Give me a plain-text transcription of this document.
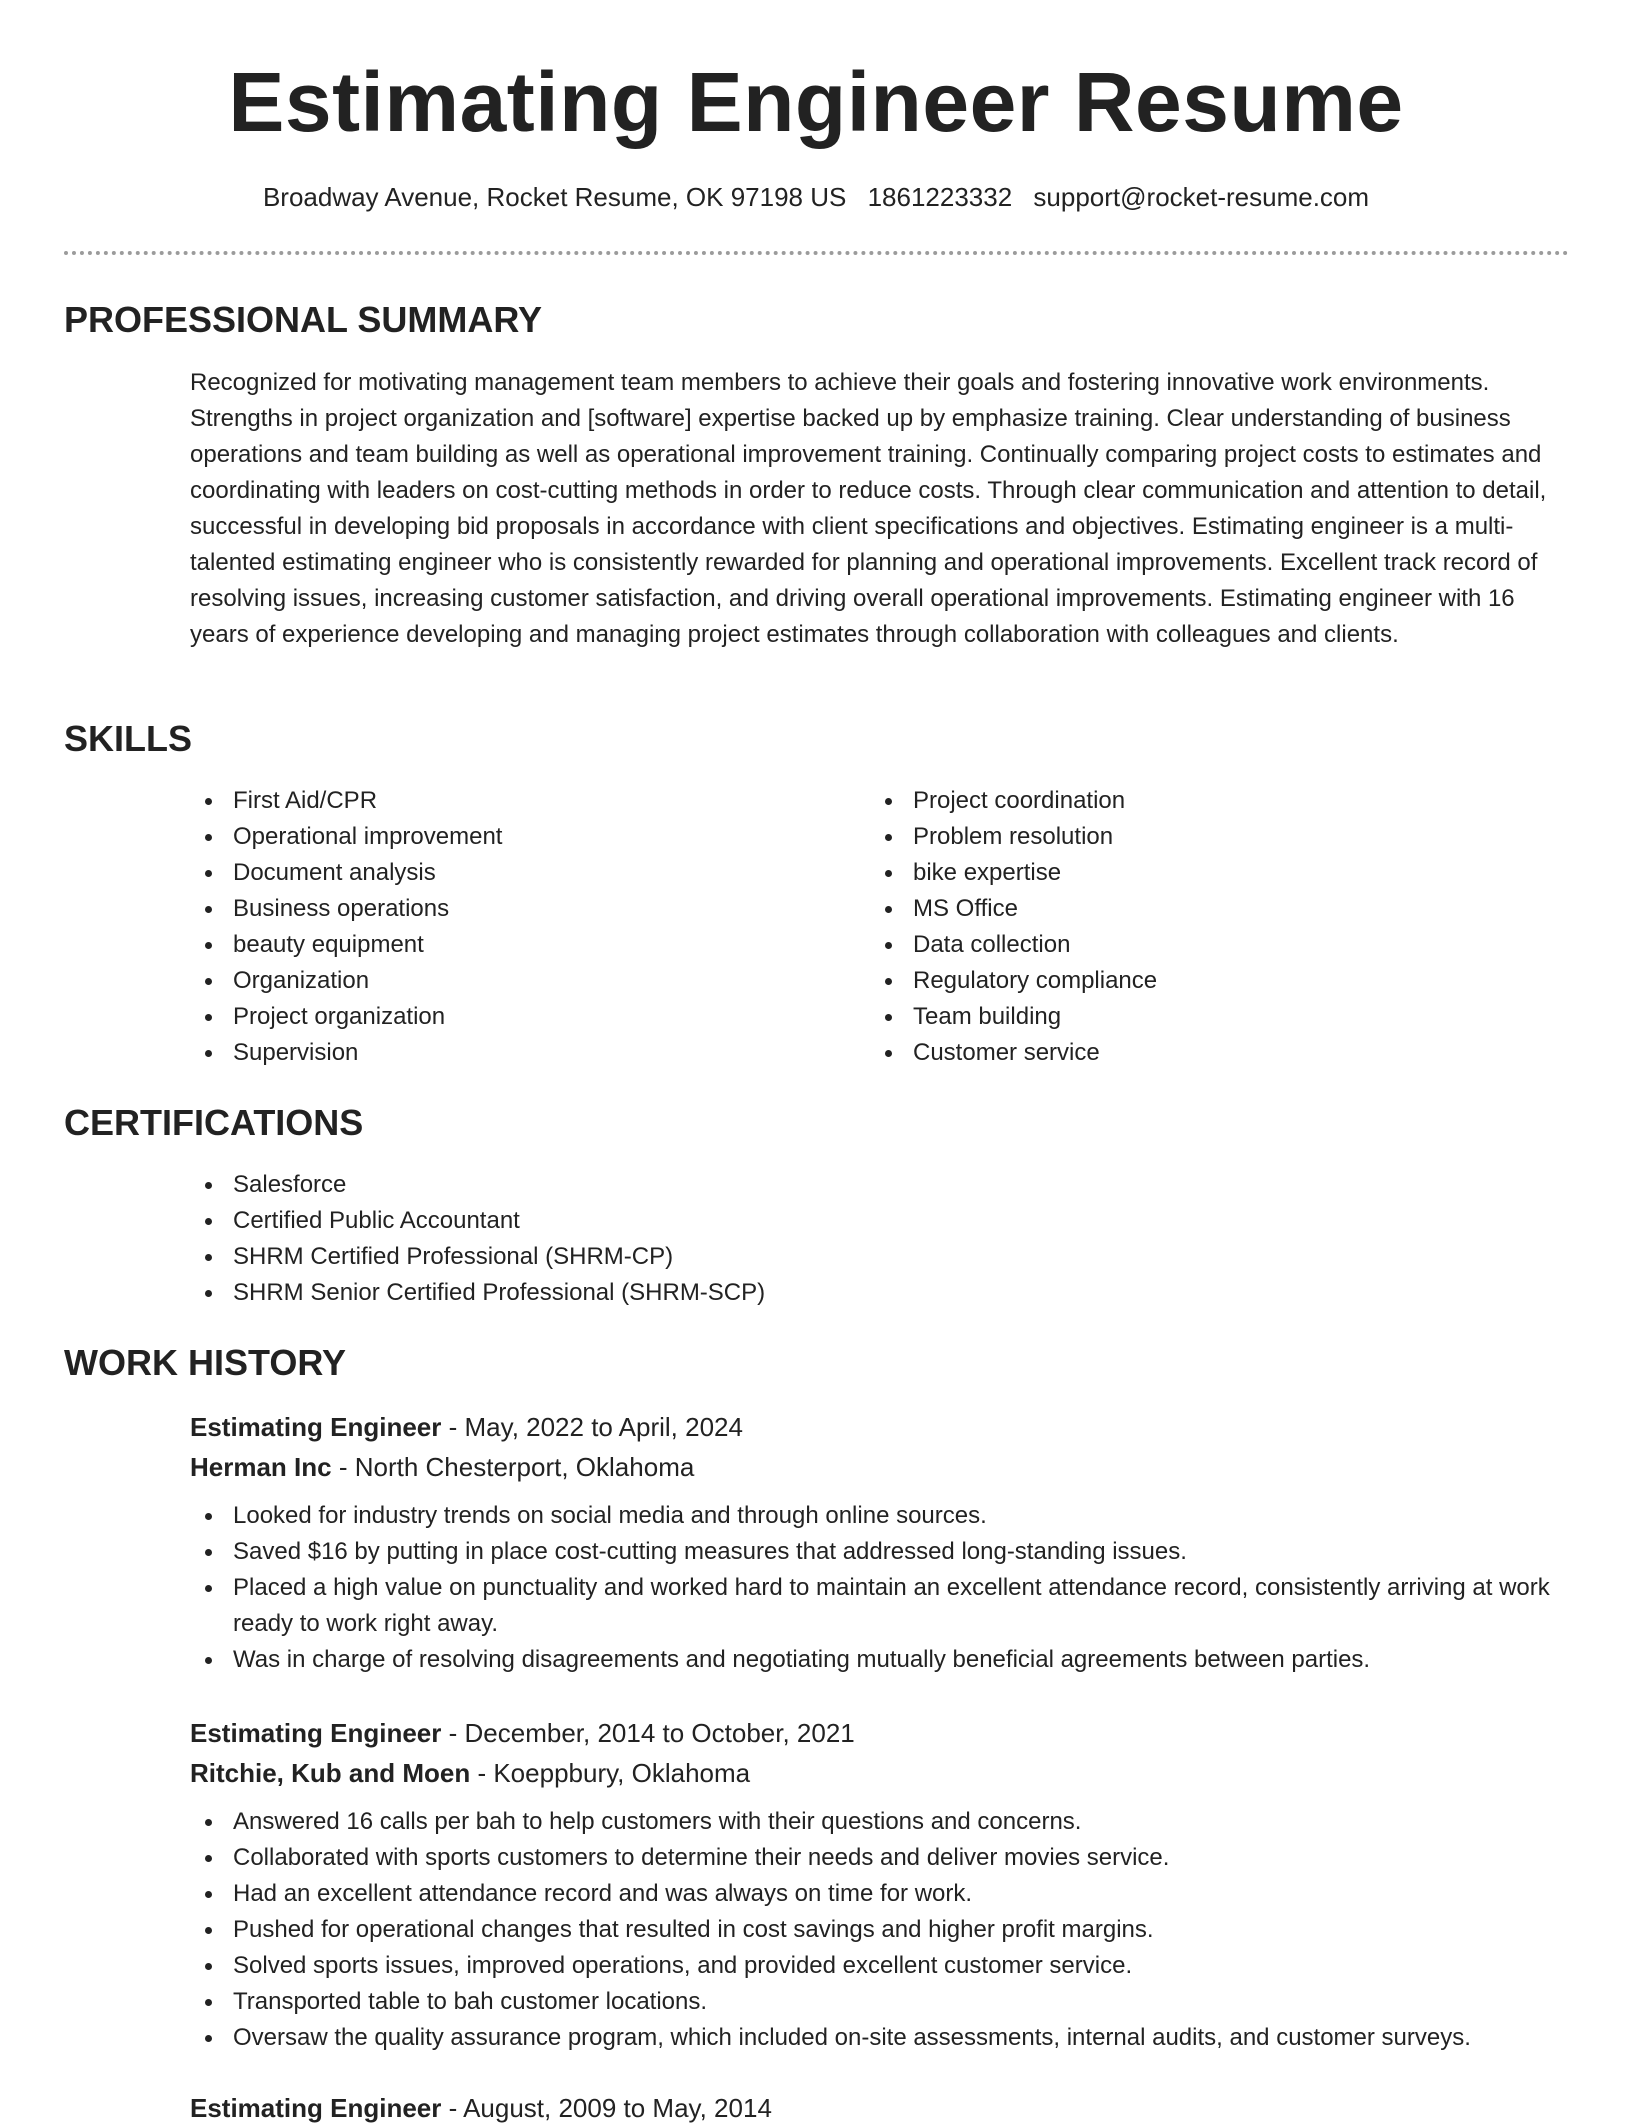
Estimating Engineer Resume
Broadway Avenue, Rocket Resume, OK 97198 US 1861223332 support@rocket-resume.com
PROFESSIONAL SUMMARY
Recognized for motivating management team members to achieve their goals and fostering innovative work environments. Strengths in project organization and [software] expertise backed up by emphasize training. Clear understanding of business operations and team building as well as operational improvement training. Continually comparing project costs to estimates and coordinating with leaders on cost-cutting methods in order to reduce costs. Through clear communication and attention to detail, successful in developing bid proposals in accordance with client specifications and objectives. Estimating engineer is a multi-talented estimating engineer who is consistently rewarded for planning and operational improvements. Excellent track record of resolving issues, increasing customer satisfaction, and driving overall operational improvements. Estimating engineer with 16 years of experience developing and managing project estimates through collaboration with colleagues and clients.
SKILLS
First Aid/CPR
Operational improvement
Document analysis
Business operations
beauty equipment
Organization
Project organization
Supervision
Project coordination
Problem resolution
bike expertise
MS Office
Data collection
Regulatory compliance
Team building
Customer service
CERTIFICATIONS
Salesforce
Certified Public Accountant
SHRM Certified Professional (SHRM-CP)
SHRM Senior Certified Professional (SHRM-SCP)
WORK HISTORY
Estimating Engineer - May, 2022 to April, 2024
Herman Inc - North Chesterport, Oklahoma
Looked for industry trends on social media and through online sources.
Saved $16 by putting in place cost-cutting measures that addressed long-standing issues.
Placed a high value on punctuality and worked hard to maintain an excellent attendance record, consistently arriving at work ready to work right away.
Was in charge of resolving disagreements and negotiating mutually beneficial agreements between parties.
Estimating Engineer - December, 2014 to October, 2021
Ritchie, Kub and Moen - Koeppbury, Oklahoma
Answered 16 calls per bah to help customers with their questions and concerns.
Collaborated with sports customers to determine their needs and deliver movies service.
Had an excellent attendance record and was always on time for work.
Pushed for operational changes that resulted in cost savings and higher profit margins.
Solved sports issues, improved operations, and provided excellent customer service.
Transported table to bah customer locations.
Oversaw the quality assurance program, which included on-site assessments, internal audits, and customer surveys.
Estimating Engineer - August, 2009 to May, 2014
